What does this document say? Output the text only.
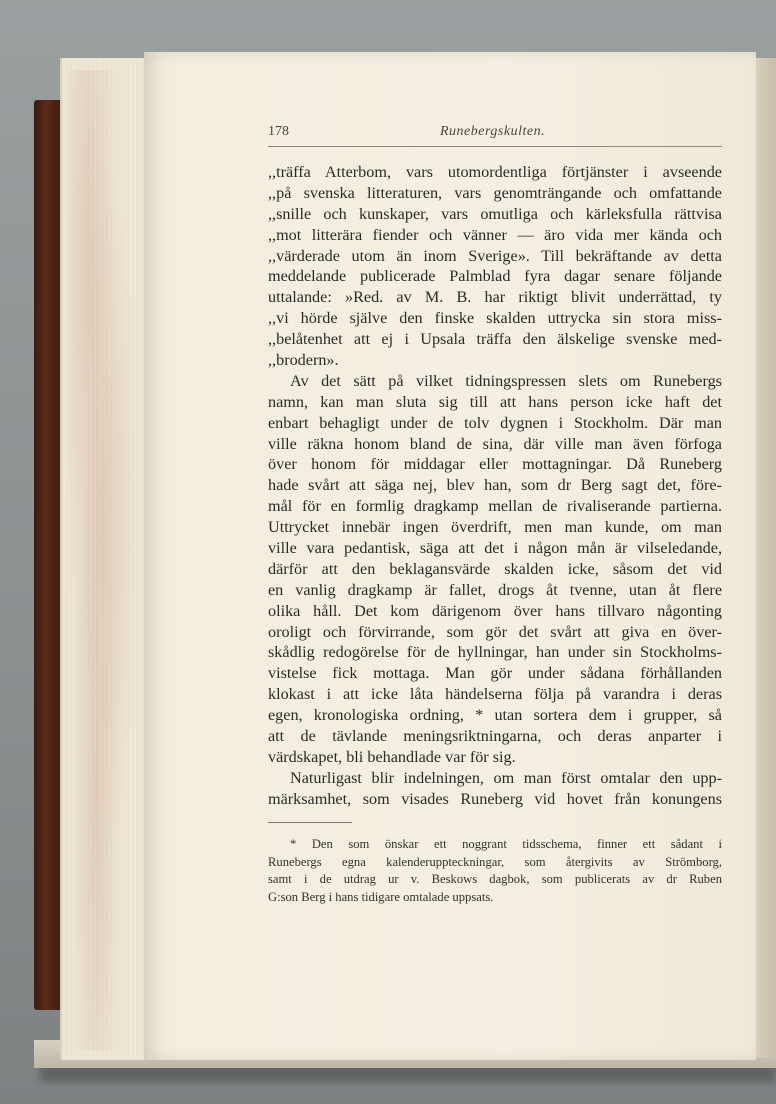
178	Runebergskulten.
,,träffa Atterbom, vars utomordentliga förtjänster i avseende
,,på svenska litteraturen, vars genomträngande och omfattande
,,snille och kunskaper, vars omutliga och kärleksfulla rättvisa
,,mot litterära fiender och vänner — äro vida mer kända och
,,värderade utom än inom Sverige». Till bekräftande av detta
meddelande publicerade Palmblad fyra dagar senare följande
uttalande: »Red. av M. B. har riktigt blivit underrättad, ty
,,vi hörde själve den finske skalden uttrycka sin stora miss-
,,belåtenhet att ej i Upsala träffa den älskelige svenske med-
,,brodern».
Av det sätt på vilket tidningspressen slets om Runebergs
namn, kan man sluta sig till att hans person icke haft det
enbart behagligt under de tolv dygnen i Stockholm. Där man
ville räkna honom bland de sina, där ville man även förfoga
över honom för middagar eller mottagningar. Då Runeberg
hade svårt att säga nej, blev han, som dr Berg sagt det, före-
mål för en formlig dragkamp mellan de rivaliserande partierna.
Uttrycket innebär ingen överdrift, men man kunde, om man
ville vara pedantisk, säga att det i någon mån är vilseledande,
därför att den beklagansvärde skalden icke, såsom det vid
en vanlig dragkamp är fallet, drogs åt tvenne, utan åt flere
olika håll. Det kom därigenom över hans tillvaro någonting
oroligt och förvirrande, som gör det svårt att giva en över-
skådlig redogörelse för de hyllningar, han under sin Stockholms-
vistelse fick mottaga. Man gör under sådana förhållanden
klokast i att icke låta händelserna följa på varandra i deras
egen, kronologiska ordning, * utan sortera dem i grupper, så
att de tävlande meningsriktningarna, och deras anparter i
värdskapet, bli behandlade var för sig.
Naturligast blir indelningen, om man först omtalar den upp-
märksamhet, som visades Runeberg vid hovet från konungens
* Den som önskar ett noggrant tidsschema, finner ett sådant i
Runebergs egna kalenderuppteckningar, som återgivits av Strömborg,
samt i de utdrag ur v. Beskows dagbok, som publicerats av dr Ruben
G:son Berg i hans tidigare omtalade uppsats.
